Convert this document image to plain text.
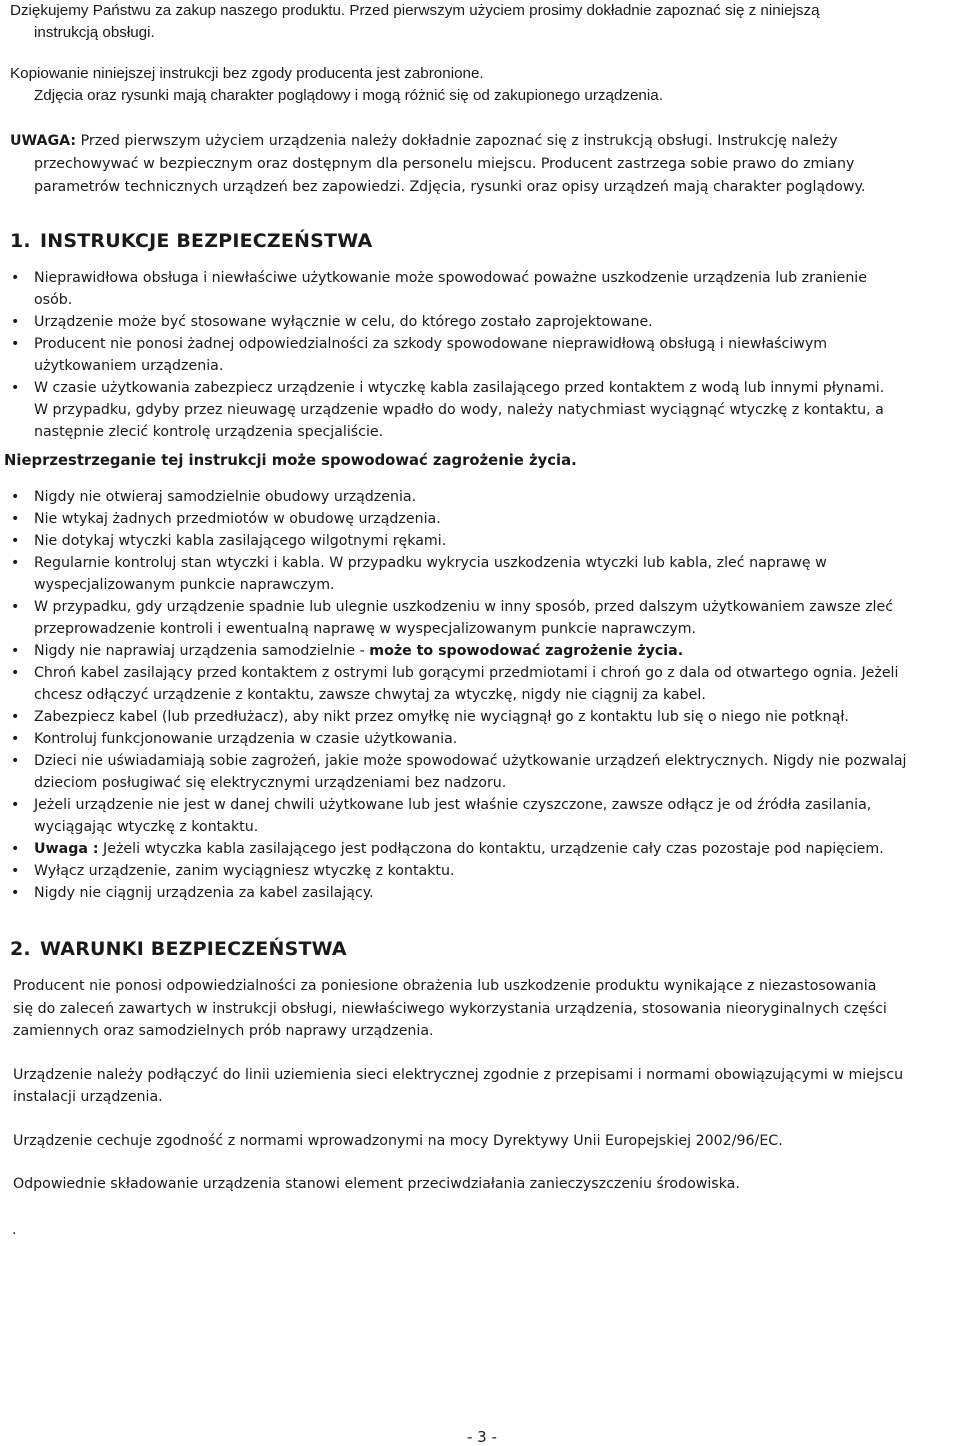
Dziękujemy Państwu za zakup naszego produktu. Przed pierwszym użyciem prosimy dokładnie zapoznać się z niniejszą

instrukcją obsługi.

Kopiowanie niniejszej instrukcji bez zgody producenta jest zabronione.

Zdjęcia oraz rysunki mają charakter poglądowy i mogą różnić się od zakupionego urządzenia.

UWAGA: Przed pierwszym użyciem urządzenia należy dokładnie zapoznać się z instrukcją obsługi. Instrukcję należy

przechowywać w bezpiecznym oraz dostępnym dla personelu miejscu. Producent zastrzega sobie prawo do zmiany

parametrów technicznych urządzeń bez zapowiedzi. Zdjęcia, rysunki oraz opisy urządzeń mają charakter poglądowy.

1. INSTRUKCJE BEZPIECZEŃSTWA
• Nieprawidłowa obsługa i niewłaściwe użytkowanie może spowodować poważne uszkodzenie urządzenia lub zranienie
osób.
• Urządzenie może być stosowane wyłącznie w celu, do którego zostało zaprojektowane.
• Producent nie ponosi żadnej odpowiedzialności za szkody spowodowane nieprawidłową obsługą i niewłaściwym
użytkowaniem urządzenia.
• W czasie użytkowania zabezpiecz urządzenie i wtyczkę kabla zasilającego przed kontaktem z wodą lub innymi płynami.
W przypadku, gdyby przez nieuwagę urządzenie wpadło do wody, należy natychmiast wyciągnąć wtyczkę z kontaktu, a
następnie zlecić kontrolę urządzenia specjaliście.
Nieprzestrzeganie tej instrukcji może spowodować zagrożenie życia.
• Nigdy nie otwieraj samodzielnie obudowy urządzenia.
• Nie wtykaj żadnych przedmiotów w obudowę urządzenia.
• Nie dotykaj wtyczki kabla zasilającego wilgotnymi rękami.
• Regularnie kontroluj stan wtyczki i kabla. W przypadku wykrycia uszkodzenia wtyczki lub kabla, zleć naprawę w
wyspecjalizowanym punkcie naprawczym.
• W przypadku, gdy urządzenie spadnie lub ulegnie uszkodzeniu w inny sposób, przed dalszym użytkowaniem zawsze zleć
przeprowadzenie kontroli i ewentualną naprawę w wyspecjalizowanym punkcie naprawczym.
• Nigdy nie naprawiaj urządzenia samodzielnie - może to spowodować zagrożenie życia.
• Chroń kabel zasilający przed kontaktem z ostrymi lub gorącymi przedmiotami i chroń go z dala od otwartego ognia. Jeżeli
chcesz odłączyć urządzenie z kontaktu, zawsze chwytaj za wtyczkę, nigdy nie ciągnij za kabel.
• Zabezpiecz kabel (lub przedłużacz), aby nikt przez omyłkę nie wyciągnął go z kontaktu lub się o niego nie potknął.
• Kontroluj funkcjonowanie urządzenia w czasie użytkowania.
• Dzieci nie uświadamiają sobie zagrożeń, jakie może spowodować użytkowanie urządzeń elektrycznych. Nigdy nie pozwalaj
dzieciom posługiwać się elektrycznymi urządzeniami bez nadzoru.
• Jeżeli urządzenie nie jest w danej chwili użytkowane lub jest właśnie czyszczone, zawsze odłącz je od źródła zasilania,
wyciągając wtyczkę z kontaktu.
• Uwaga : Jeżeli wtyczka kabla zasilającego jest podłączona do kontaktu, urządzenie cały czas pozostaje pod napięciem.
• Wyłącz urządzenie, zanim wyciągniesz wtyczkę z kontaktu.
• Nigdy nie ciągnij urządzenia za kabel zasilający.
2. WARUNKI BEZPIECZEŃSTWA

Producent nie ponosi odpowiedzialności za poniesione obrażenia lub uszkodzenie produktu wynikające z niezastosowania
się do zaleceń zawartych w instrukcji obsługi, niewłaściwego wykorzystania urządzenia, stosowania nieoryginalnych części
zamiennych oraz samodzielnych prób naprawy urządzenia.

Urządzenie należy podłączyć do linii uziemienia sieci elektrycznej zgodnie z przepisami i normami obowiązującymi w miejscu
instalacji urządzenia.

Urządzenie cechuje zgodność z normami wprowadzonymi na mocy Dyrektywy Unii Europejskiej 2002/96/EC.

Odpowiednie składowanie urządzenia stanowi element przeciwdziałania zanieczyszczeniu środowiska.

.
- 3 -
